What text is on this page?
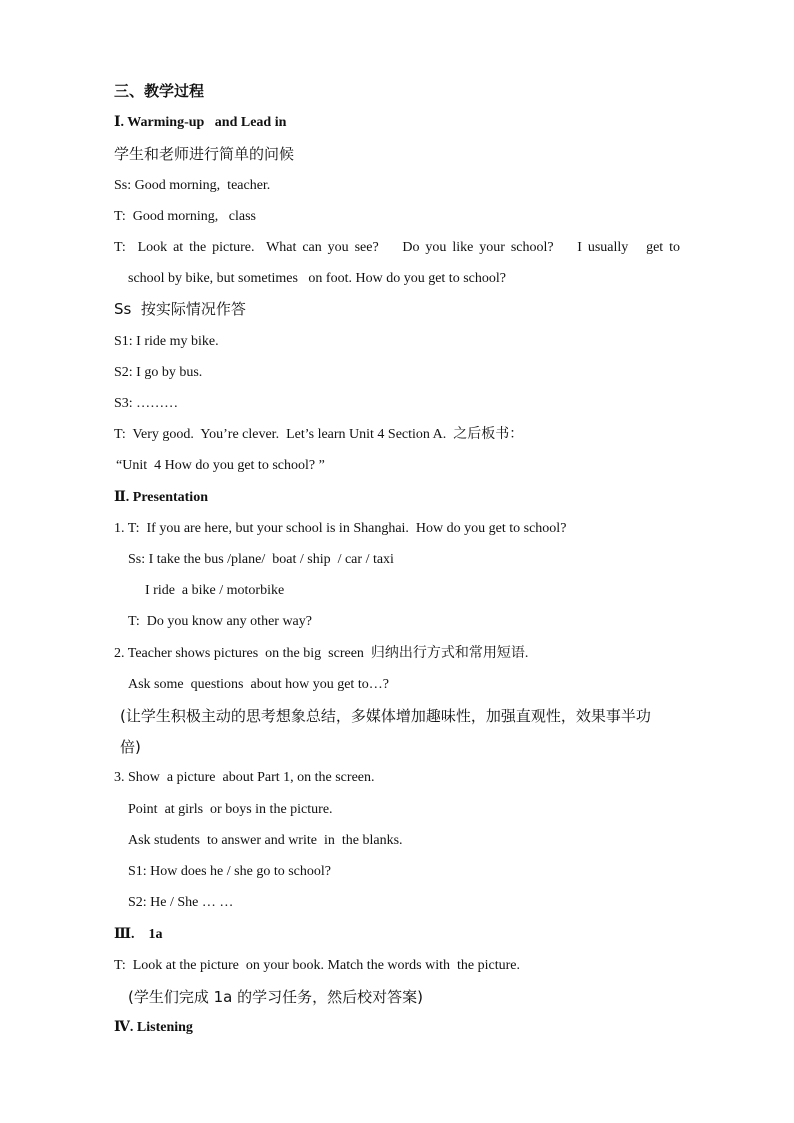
三、教学过程
Ⅰ. Warming-up   and Lead in
学生和老师进行简单的问候
Ss: Good morning,  teacher.
T:  Good morning,   class
T:  Look at the picture.  What can you see?    Do you like your school?    I usually   get to
school by bike, but sometimes   on foot. How do you get to school?
Ss  按实际情况作答
S1: I ride my bike.
S2: I go by bus.
S3: ………
T:  Very good.  You’re clever.  Let’s learn Unit 4 Section A.  之后板书：
“Unit  4 How do you get to school? ”
Ⅱ. Presentation
1. T:  If you are here, but your school is in Shanghai.  How do you get to school?
Ss: I take the bus /plane/  boat / ship  / car / taxi
I ride  a bike / motorbike
T:  Do you know any other way?
2. Teacher shows pictures  on the big  screen  归纳出行方式和常用短语.
Ask some  questions  about how you get to…?
(让学生积极主动的思考想象总结，多媒体增加趣味性，加强直观性，效果事半功
倍)
3. Show  a picture  about Part 1, on the screen.
Point  at girls  or boys in the picture.
Ask students  to answer and write  in  the blanks.
S1: How does he / she go to school?
S2: He / She … …
Ⅲ.    1a
T:  Look at the picture  on your book. Match the words with  the picture.
(学生们完成 1a 的学习任务，然后校对答案)
Ⅳ. Listening
